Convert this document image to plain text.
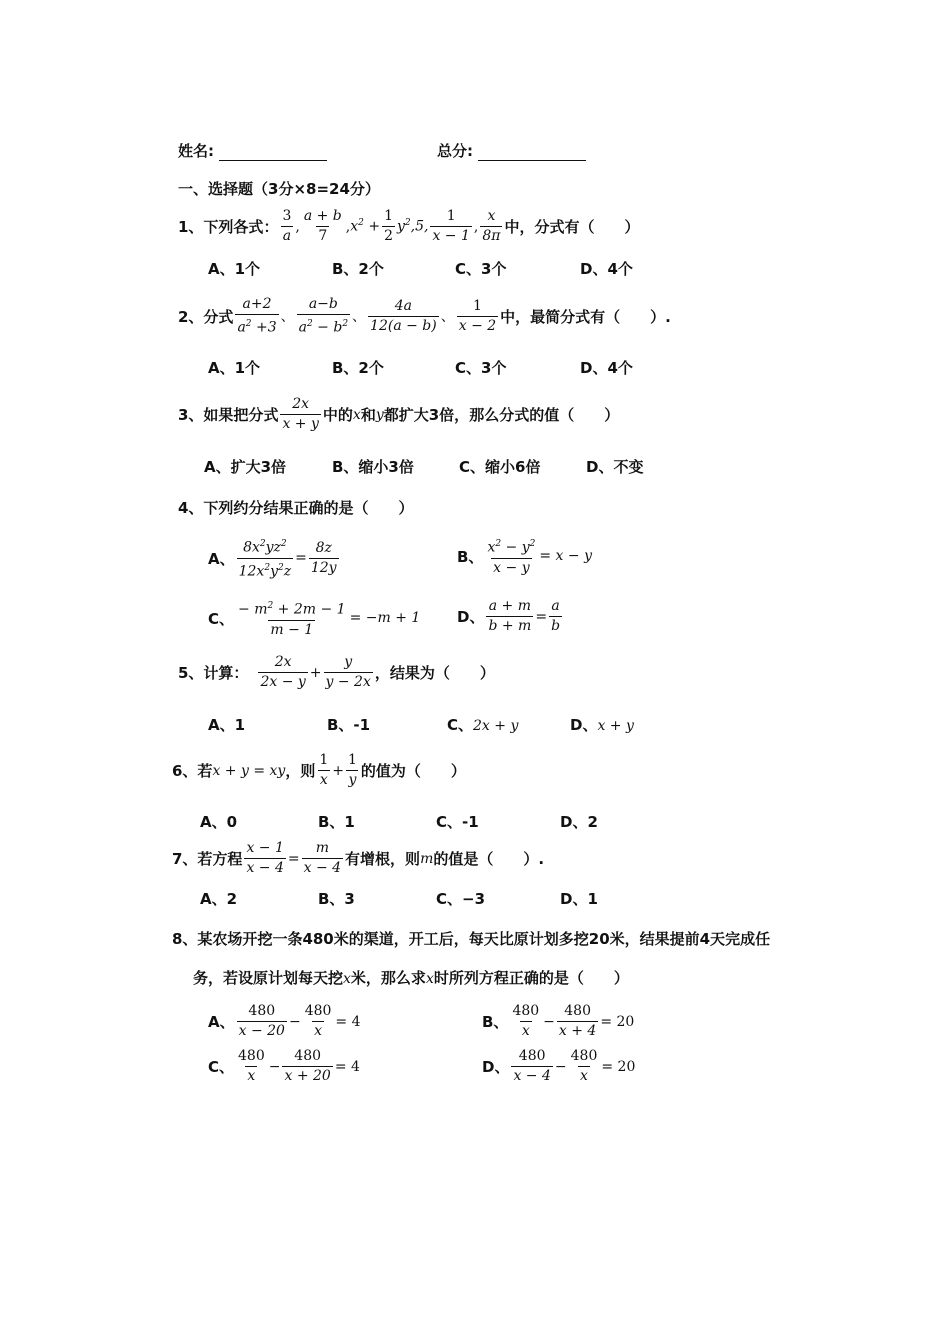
姓名:	总分:
一、选择题（3分×8=24分）
1、下列各式： $\frac{3}{a}$ , $\frac{a + b}{7}$ , $x^2 + \frac{1}{2} y^2,5$, $\frac{1}{x - 1}$ , $\frac{x}{8\pi}$ 中，分式有（　　）
A、1个	B、2个	C、3个	D、4个
2、分式 $\frac{a+2}{a^2 +3}$ 、 $\frac{a-b}{a^2 - b^2}$ 、 $\frac{4a}{12(a - b)}$ 、 $\frac{1}{x - 2}$ 中，最简分式有（　　）.
A、1个	B、2个	C、3个	D、4个
3、如果把分式 $\frac{2x}{x + y}$ 中的 x 和 y 都扩大3倍，那么分式的值（　　）
A、扩大3倍	B、缩小3倍	C、缩小6倍	D、不变
4、下列约分结果正确的是（　　）
A、 $\frac{8x^2yz^2}{12x^2y^2z} = \frac{8z}{12y}$	B、 $\frac{x^2 - y^2}{x - y} = x - y$
C、 $\frac{- m^2 + 2m - 1}{m - 1} = -m + 1$ D、 $\frac{a + m}{b + m} = \frac{a}{b}$
5、计算： $\frac{2x}{2x - y} + \frac{y}{y - 2x}$ ，结果为（　　）
A、1	B、-1	C、2x + y	D、x + y
6、若 x + y = xy ，则 $\frac{1}{x} + \frac{1}{y}$ 的值为（　　）
A、0	B、1	C、-1	D、2
7、若方程 $\frac{x - 1}{x - 4} = \frac{m}{x - 4}$ 有增根，则 m 的值是（　　）.
A、2	B、3	C、−3	D、1
8、某农场开挖一条480米的渠道，开工后，每天比原计划多挖20米，结果提前4天完成任
务，若设原计划每天挖x米，那么求x时所列方程正确的是（　　）
A、 $\frac{480}{x - 20} - \frac{480}{x} = 4$	B、 $\frac{480}{x} - \frac{480}{x + 4} = 20$
C、 $\frac{480}{x} - \frac{480}{x + 20} = 4$	D、 $\frac{480}{x - 4} - \frac{480}{x} = 20$
